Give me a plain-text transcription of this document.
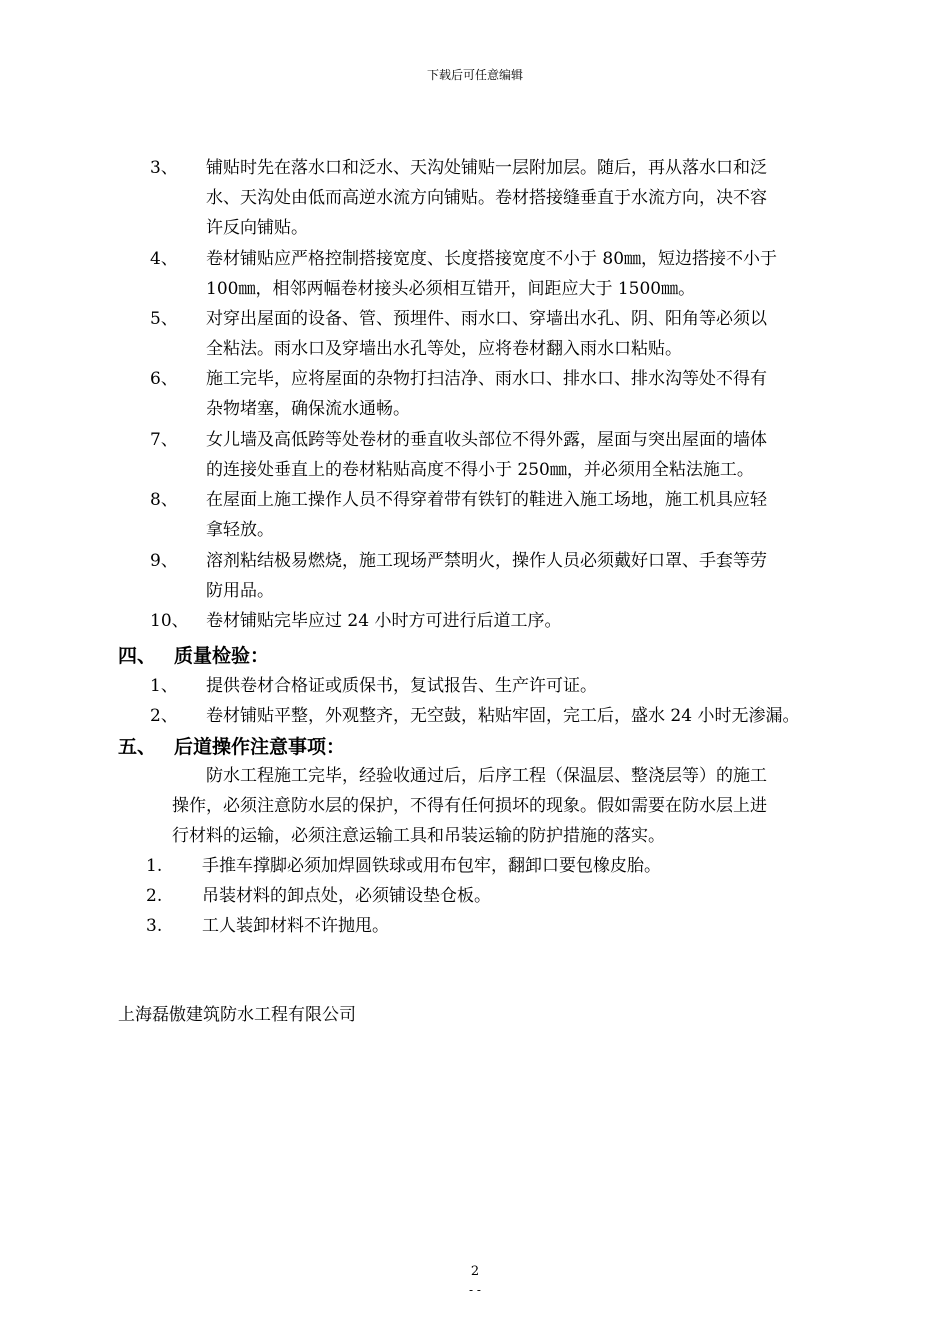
下载后可任意编辑
3、 铺贴时先在落水口和泛水、天沟处铺贴一层附加层。随后，再从落水口和泛
水、天沟处由低而高逆水流方向铺贴。卷材搭接缝垂直于水流方向，决不容
许反向铺贴。
4、 卷材铺贴应严格控制搭接宽度、长度搭接宽度不小于 80㎜，短边搭接不小于
100㎜，相邻两幅卷材接头必须相互错开，间距应大于 1500㎜。
5、 对穿出屋面的设备、管、预埋件、雨水口、穿墙出水孔、阴、阳角等必须以
全粘法。雨水口及穿墙出水孔等处，应将卷材翻入雨水口粘贴。
6、 施工完毕，应将屋面的杂物打扫洁净、雨水口、排水口、排水沟等处不得有
杂物堵塞，确保流水通畅。
7、 女儿墙及高低跨等处卷材的垂直收头部位不得外露，屋面与突出屋面的墙体
的连接处垂直上的卷材粘贴高度不得小于 250㎜，并必须用全粘法施工。
8、 在屋面上施工操作人员不得穿着带有铁钉的鞋进入施工场地，施工机具应轻
拿轻放。
9、 溶剂粘结极易燃烧，施工现场严禁明火，操作人员必须戴好口罩、手套等劳
防用品。
10、 卷材铺贴完毕应过 24 小时方可进行后道工序。
四、 质量检验：
1、 提供卷材合格证或质保书，复试报告、生产许可证。
2、 卷材铺贴平整，外观整齐，无空鼓，粘贴牢固，完工后，盛水 24 小时无渗漏。
五、 后道操作注意事项：
防水工程施工完毕，经验收通过后，后序工程（保温层、整浇层等）的施工
操作，必须注意防水层的保护，不得有任何损坏的现象。假如需要在防水层上进
行材料的运输，必须注意运输工具和吊装运输的防护措施的落实。
1. 手推车撑脚必须加焊圆铁球或用布包牢，翻卸口要包橡皮胎。
2. 吊装材料的卸点处，必须铺设垫仓板。
3. 工人装卸材料不许抛甩。
上海磊傲建筑防水工程有限公司
2
- -
